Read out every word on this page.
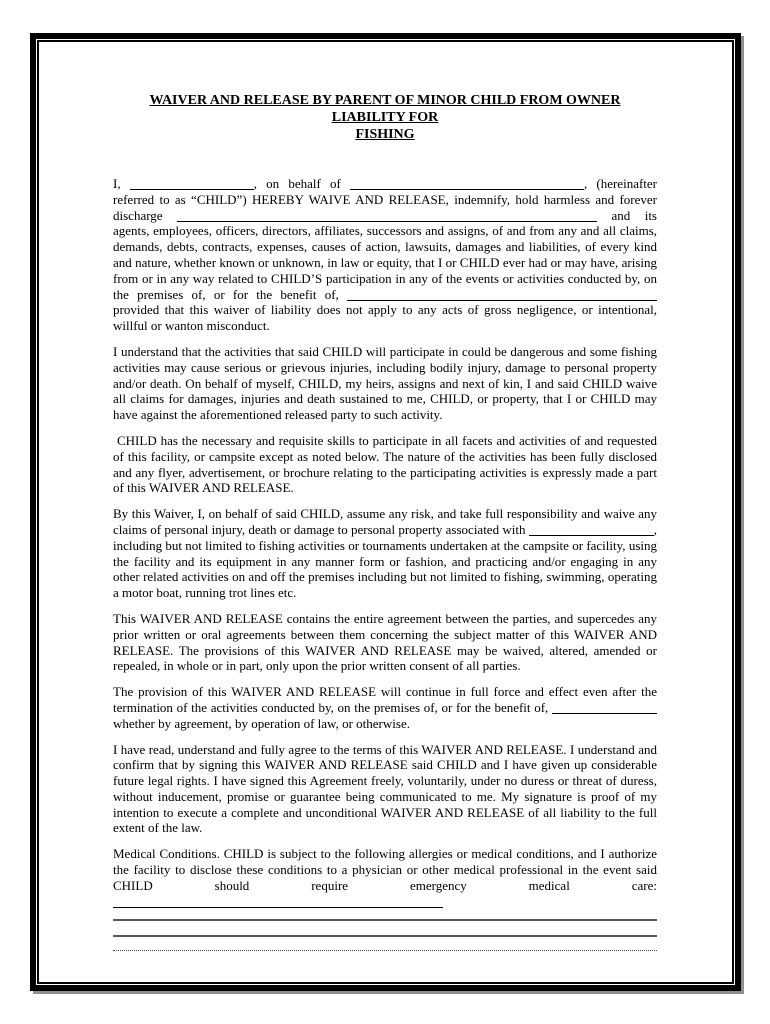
WAIVER AND RELEASE BY PARENT OF MINOR CHILD FROM OWNER LIABILITY FOR
FISHING

I,	, on behalf of	, (hereinafter referred to as “CHILD”) HEREBY WAIVE AND RELEASE, indemnify, hold harmless and forever discharge	and its agents, employees, officers, directors, affiliates, successors and assigns, of and from any and all claims, demands, debts, contracts, expenses, causes of action, lawsuits, damages and liabilities, of every kind and nature, whether known or unknown, in law or equity, that I or CHILD ever had or may have, arising from or in any way related to CHILD’S participation in any of the events or activities conducted by, on the premises of, or for the benefit of,  provided that this waiver of liability does not apply to any acts of gross negligence, or intentional, willful or wanton misconduct.

I understand that the activities that said CHILD will participate in could be dangerous and some fishing activities may cause serious or grievous injuries, including bodily injury, damage to personal property and/or death. On behalf of myself, CHILD, my heirs, assigns and next of kin, I and said CHILD waive all claims for damages, injuries and death sustained to me, CHILD, or property, that I or CHILD may have against the aforementioned released party to such activity.

CHILD has the necessary and requisite skills to participate in all facets and activities of and requested of this facility, or campsite except as noted below. The nature of the activities has been fully disclosed and any flyer, advertisement, or brochure relating to the participating activities is expressly made a part of this WAIVER AND RELEASE.

By this Waiver, I, on behalf of said CHILD, assume any risk, and take full responsibility and waive any claims of personal injury, death or damage to personal property associated with	, including but not limited to fishing activities or tournaments undertaken at the campsite or facility, using the facility and its equipment in any manner form or fashion, and practicing and/or engaging in any other related activities on and off the premises including but not limited to fishing, swimming, operating a motor boat, running trot lines etc.

This WAIVER AND RELEASE contains the entire agreement between the parties, and supercedes any prior written or oral agreements between them concerning the subject matter of this WAIVER AND RELEASE. The provisions of this WAIVER AND RELEASE may be waived, altered, amended or repealed, in whole or in part, only upon the prior written consent of all parties.

The provision of this WAIVER AND RELEASE will continue in full force and effect even after the termination of the activities conducted by, on the premises of, or for the benefit of,  whether by agreement, by operation of law, or otherwise.

I have read, understand and fully agree to the terms of this WAIVER AND RELEASE. I understand and confirm that by signing this WAIVER AND RELEASE said CHILD and I have given up considerable future legal rights. I have signed this Agreement freely, voluntarily, under no duress or threat of duress, without inducement, promise or guarantee being communicated to me. My signature is proof of my intention to execute a complete and unconditional WAIVER AND RELEASE of all liability to the full extent of the law.

Medical Conditions. CHILD is subject to the following allergies or medical conditions, and I authorize the facility to disclose these conditions to a physician or other medical professional in the event said CHILD should require emergency medical care:
